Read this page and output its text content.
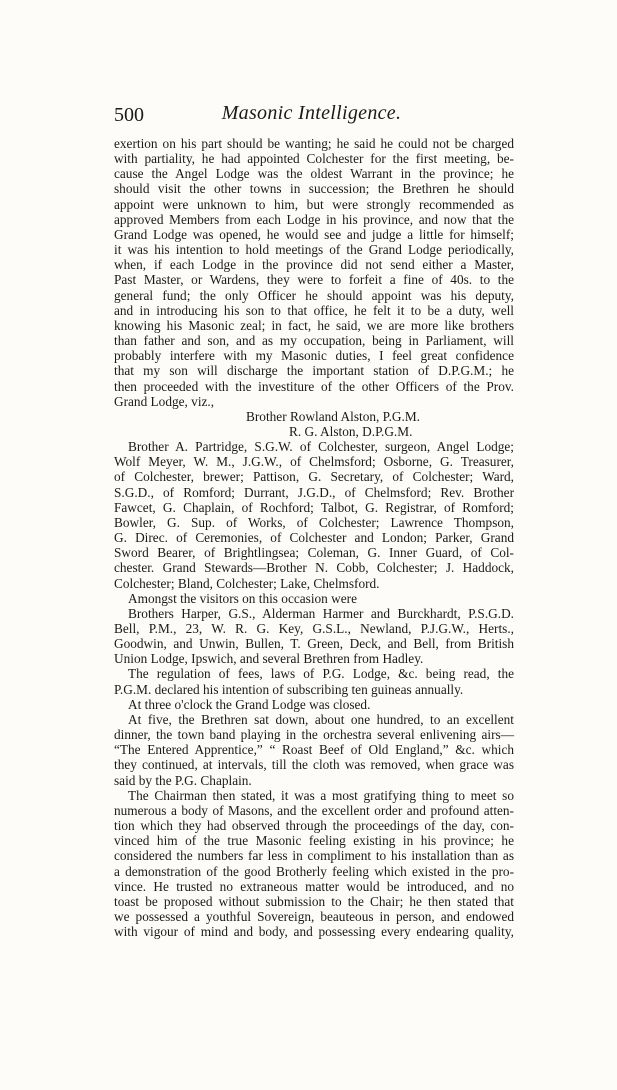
500	Masonic Intelligence.
exertion on his part should be wanting; he said he could not be charged
with partiality, he had appointed Colchester for the first meeting, be-
cause the Angel Lodge was the oldest Warrant in the province; he
should visit the other towns in succession; the Brethren he should
appoint were unknown to him, but were strongly recommended as
approved Members from each Lodge in his province, and now that the
Grand Lodge was opened, he would see and judge a little for himself;
it was his intention to hold meetings of the Grand Lodge periodically,
when, if each Lodge in the province did not send either a Master,
Past Master, or Wardens, they were to forfeit a fine of 40s. to the
general fund; the only Officer he should appoint was his deputy,
and in introducing his son to that office, he felt it to be a duty, well
knowing his Masonic zeal; in fact, he said, we are more like brothers
than father and son, and as my occupation, being in Parliament, will
probably interfere with my Masonic duties, I feel great confidence
that my son will discharge the important station of D.P.G.M.; he
then proceeded with the investiture of the other Officers of the Prov.
Grand Lodge, viz.,
Brother Rowland Alston, P.G.M.
R. G. Alston, D.P.G.M.
Brother A. Partridge, S.G.W. of Colchester, surgeon, Angel Lodge;
Wolf Meyer, W. M., J.G.W., of Chelmsford; Osborne, G. Treasurer,
of Colchester, brewer; Pattison, G. Secretary, of Colchester; Ward,
S.G.D., of Romford; Durrant, J.G.D., of Chelmsford; Rev. Brother
Fawcet, G. Chaplain, of Rochford; Talbot, G. Registrar, of Romford;
Bowler, G. Sup. of Works, of Colchester; Lawrence Thompson,
G. Direc. of Ceremonies, of Colchester and London; Parker, Grand
Sword Bearer, of Brightlingsea; Coleman, G. Inner Guard, of Col-
chester. Grand Stewards—Brother N. Cobb, Colchester; J. Haddock,
Colchester; Bland, Colchester; Lake, Chelmsford.
Amongst the visitors on this occasion were
Brothers Harper, G.S., Alderman Harmer and Burckhardt, P.S.G.D.
Bell, P.M., 23, W. R. G. Key, G.S.L., Newland, P.J.G.W., Herts.,
Goodwin, and Unwin, Bullen, T. Green, Deck, and Bell, from British
Union Lodge, Ipswich, and several Brethren from Hadley.
The regulation of fees, laws of P.G. Lodge, &c. being read, the
P.G.M. declared his intention of subscribing ten guineas annually.
At three o'clock the Grand Lodge was closed.
At five, the Brethren sat down, about one hundred, to an excellent
dinner, the town band playing in the orchestra several enlivening airs—
“The Entered Apprentice,” “ Roast Beef of Old England,” &c. which
they continued, at intervals, till the cloth was removed, when grace was
said by the P.G. Chaplain.
The Chairman then stated, it was a most gratifying thing to meet so
numerous a body of Masons, and the excellent order and profound atten-
tion which they had observed through the proceedings of the day, con-
vinced him of the true Masonic feeling existing in his province; he
considered the numbers far less in compliment to his installation than as
a demonstration of the good Brotherly feeling which existed in the pro-
vince. He trusted no extraneous matter would be introduced, and no
toast be proposed without submission to the Chair; he then stated that
we possessed a youthful Sovereign, beauteous in person, and endowed
with vigour of mind and body, and possessing every endearing quality,
